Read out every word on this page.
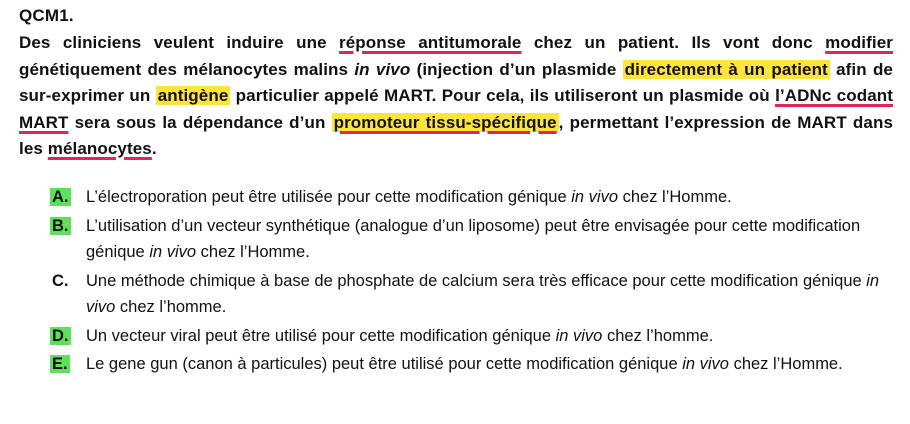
QCM1.
Des cliniciens veulent induire une réponse antitumorale chez un patient. Ils vont donc modifier génétiquement des mélanocytes malins in vivo (injection d’un plasmide directement à un patient afin de sur-exprimer un antigène particulier appelé MART. Pour cela, ils utiliseront un plasmide où l’ADNc codant MART sera sous la dépendance d’un promoteur tissu-spécifique , permettant l’expression de MART dans les mélanocytes.
A.	L’électroporation peut être utilisée pour cette modification génique in vivo chez l’Homme.
B.	L’utilisation d’un vecteur synthétique (analogue d’un liposome) peut être envisagée pour cette modification génique in vivo chez l’Homme.
C.	Une méthode chimique à base de phosphate de calcium sera très efficace pour cette modification génique in vivo chez l’homme.
D.	Un vecteur viral peut être utilisé pour cette modification génique in vivo chez l’homme.
E.	Le gene gun (canon à particules) peut être utilisé pour cette modification génique in vivo chez l’Homme.
